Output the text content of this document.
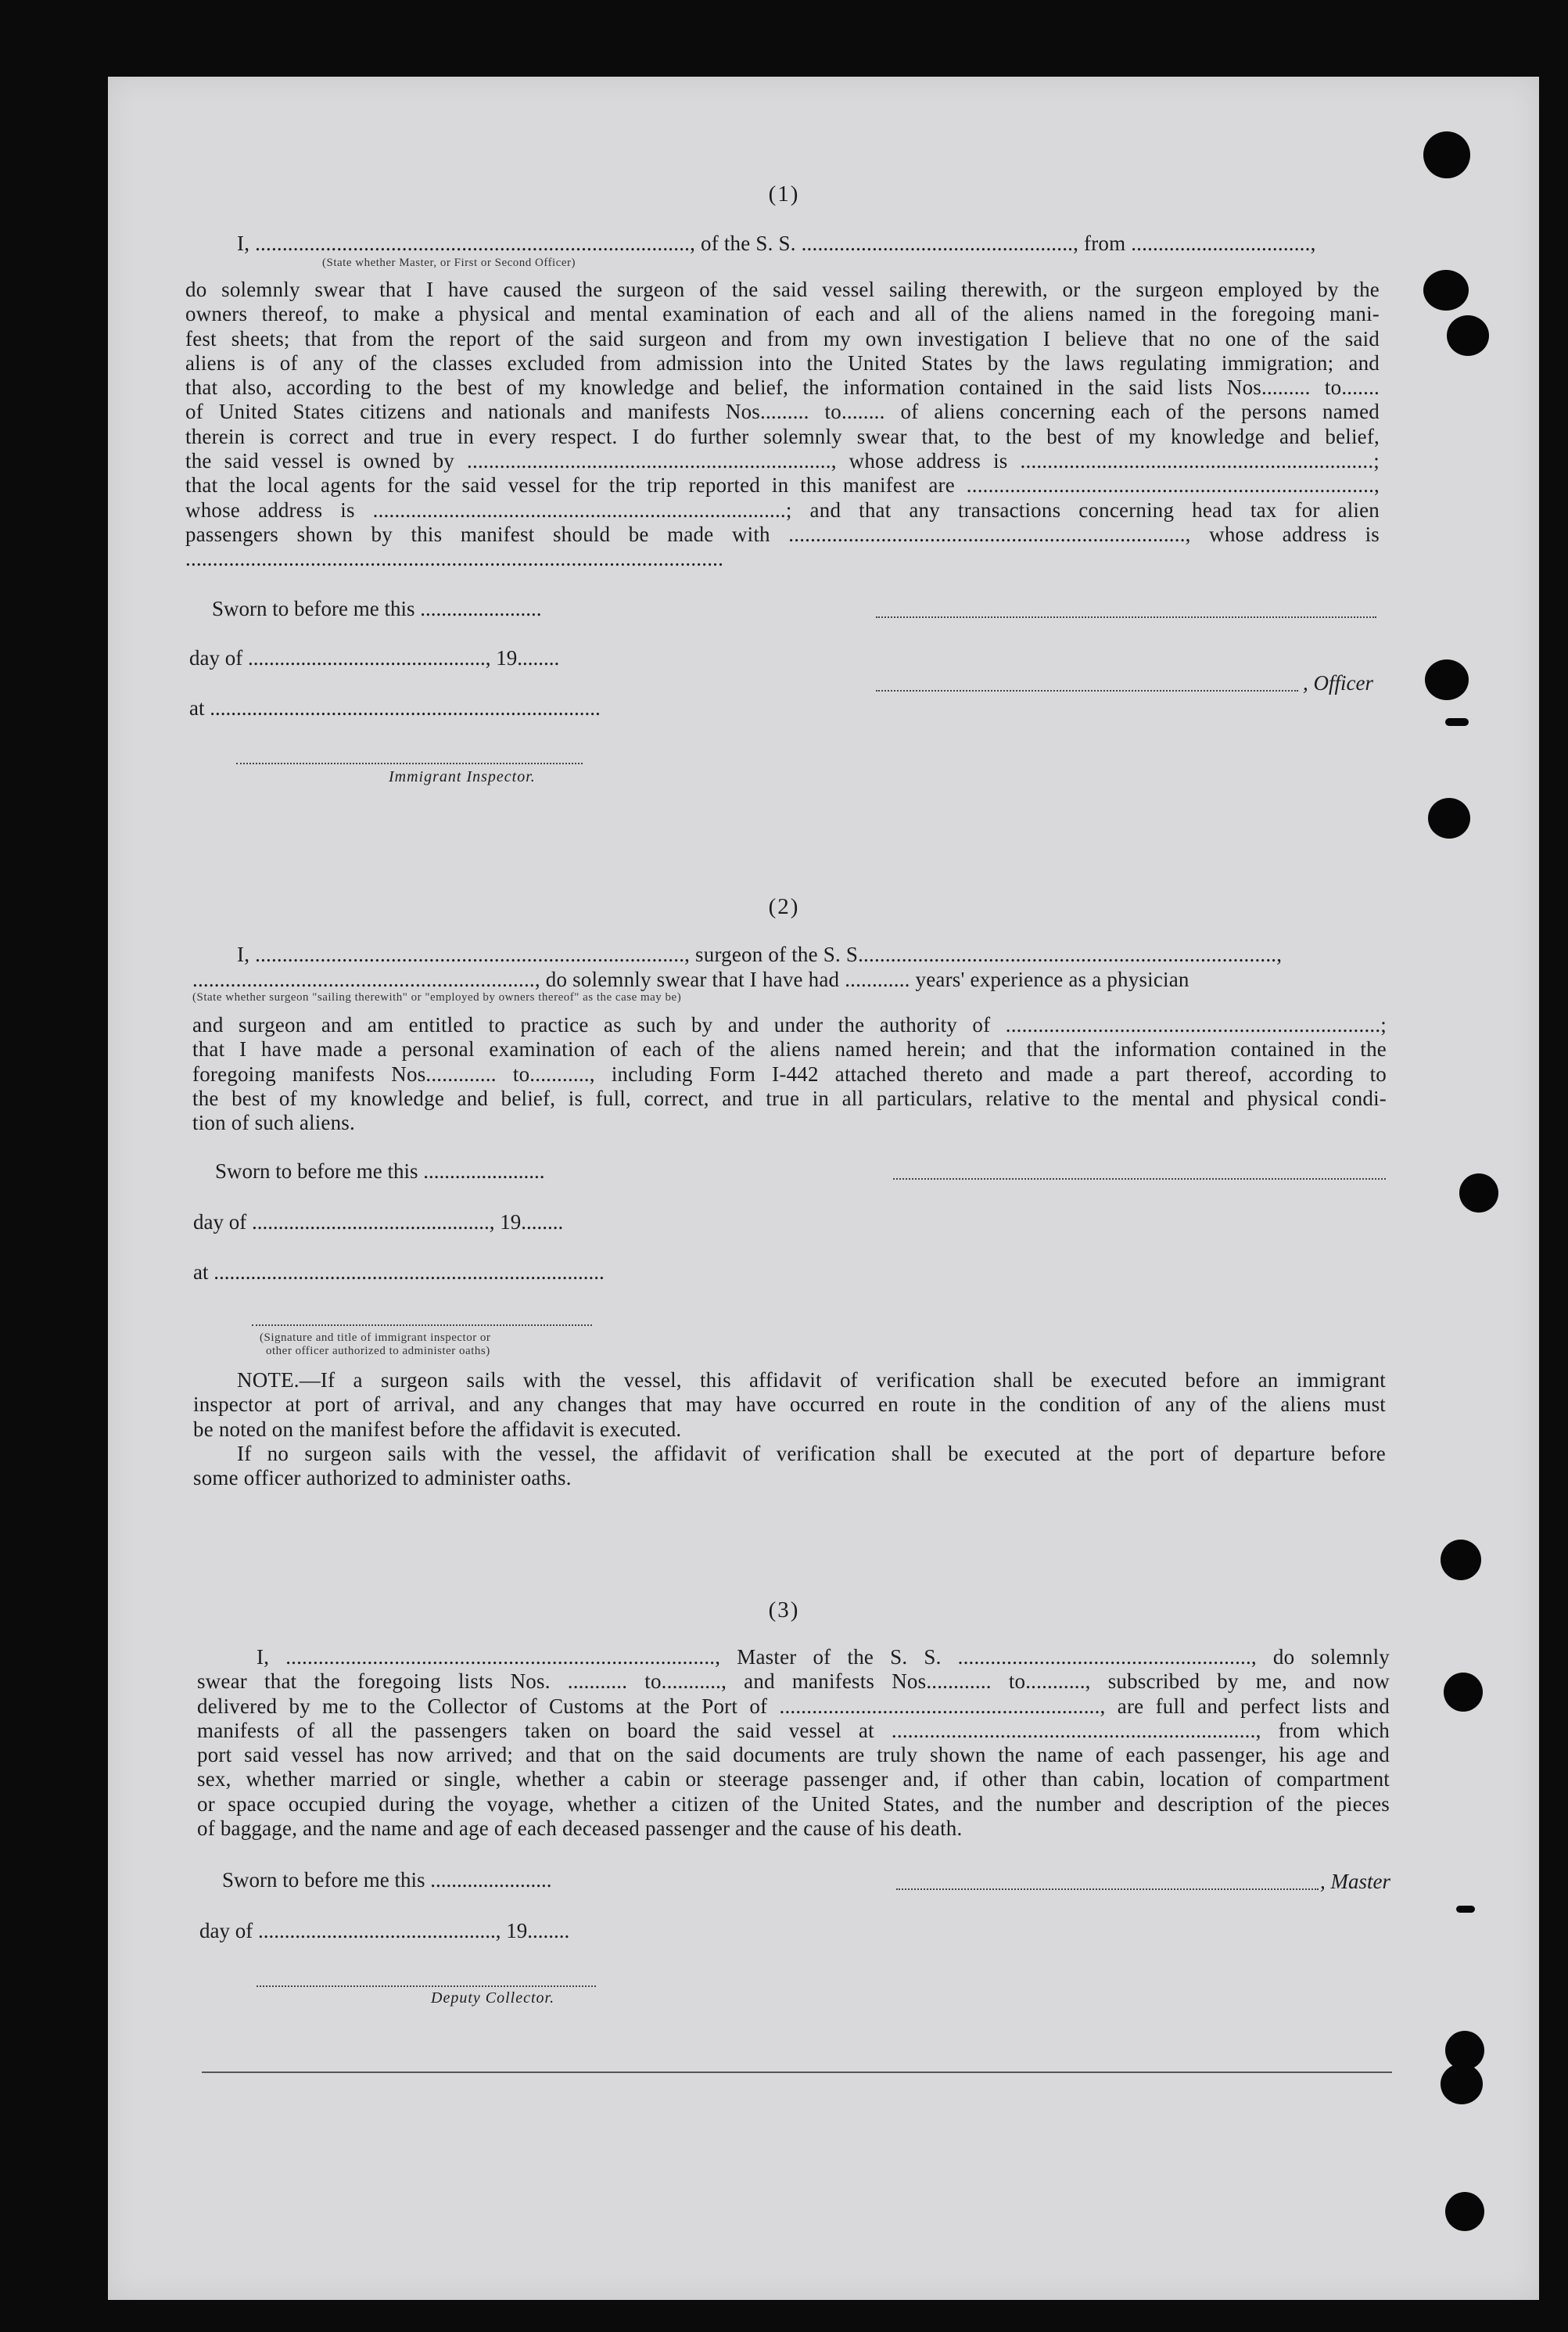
(1)
I, ................................................................................, of the S. S. .................................................., from .................................,
(State whether Master, or First or Second Officer)
do solemnly swear that I have caused the surgeon of the said vessel sailing therewith, or the surgeon employed by the
owners thereof, to make a physical and mental examination of each and all of the aliens named in the foregoing mani-
fest sheets; that from the report of the said surgeon and from my own investigation I believe that no one of the said
aliens is of any of the classes excluded from admission into the United States by the laws regulating immigration; and
that also, according to the best of my knowledge and belief, the information contained in the said lists Nos......... to.......
of United States citizens and nationals and manifests Nos......... to........ of aliens concerning each of the persons named
therein is correct and true in every respect. I do further solemnly swear that, to the best of my knowledge and belief,
the said vessel is owned by ..................................................................., whose address is .................................................................;
that the local agents for the said vessel for the trip reported in this manifest are ...........................................................................,
whose address is ............................................................................; and that any transactions concerning head tax for alien
passengers shown by this manifest should be made with ........................................................................., whose address is
...................................................................................................
Sworn to before me this .......................
day of ............................................., 19........
, Officer
at ..........................................................................
Immigrant Inspector.
(2)
I, ..............................................................................., surgeon of the S. S.............................................................................,
..............................................................., do solemnly swear that I have had ............ years' experience as a physician
(State whether surgeon "sailing therewith" or "employed by owners thereof" as the case may be)
and surgeon and am entitled to practice as such by and under the authority of .....................................................................;
that I have made a personal examination of each of the aliens named herein; and that the information contained in the
foregoing manifests Nos............. to..........., including Form I-442 attached thereto and made a part thereof, according to
the best of my knowledge and belief, is full, correct, and true in all particulars, relative to the mental and physical condi-
tion of such aliens.
Sworn to before me this .......................
day of ............................................., 19........
at ..........................................................................
(Signature and title of immigrant inspector or
other officer authorized to administer oaths)
NOTE.—If a surgeon sails with the vessel, this affidavit of verification shall be executed before an immigrant
inspector at port of arrival, and any changes that may have occurred en route in the condition of any of the aliens must
be noted on the manifest before the affidavit is executed.
If no surgeon sails with the vessel, the affidavit of verification shall be executed at the port of departure before
some officer authorized to administer oaths.
(3)
I, ..............................................................................., Master of the S. S. ......................................................, do solemnly
swear that the foregoing lists Nos. ........... to..........., and manifests Nos............ to..........., subscribed by me, and now
delivered by me to the Collector of Customs at the Port of ..........................................................., are full and perfect lists and
manifests of all the passengers taken on board the said vessel at ..................................................................., from which
port said vessel has now arrived; and that on the said documents are truly shown the name of each passenger, his age and
sex, whether married or single, whether a cabin or steerage passenger and, if other than cabin, location of compartment
or space occupied during the voyage, whether a citizen of the United States, and the number and description of the pieces
of baggage, and the name and age of each deceased passenger and the cause of his death.
Sworn to before me this .......................	, Master
day of ............................................., 19........
Deputy Collector.
